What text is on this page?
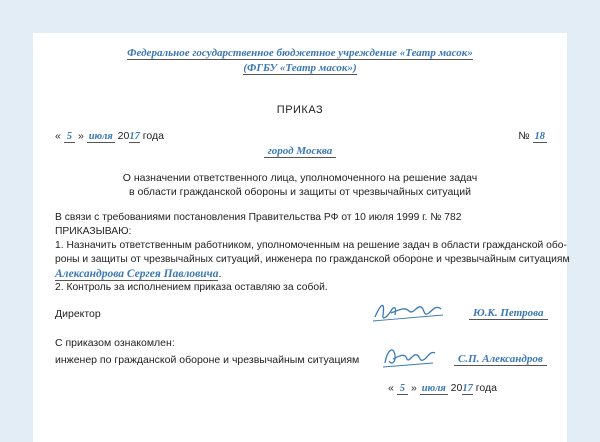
Федеральное государственное бюджетное учреждение «Театр масок»
(ФГБУ «Театр масок»)
ПРИКАЗ
« 5 » июля 2017 года	№ 18
город Москва
О назначении ответственного лица, уполномоченного на решение задач
в области гражданской обороны и защиты от чрезвычайных ситуаций
В связи с требованиями постановления Правительства РФ от 10 июля 1999 г. № 782
ПРИКАЗЫВАЮ:
1. Назначить ответственным работником, уполномоченным на решение задач в области гражданской обо-
роны и защиты от чрезвычайных ситуаций, инженера по гражданской обороне и чрезвычайным ситуациям
Александрова Сергея Павловича.
2. Контроль за исполнением приказа оставляю за собой.
Директор	Ю.К. Петрова
С приказом ознакомлен:
инженер по гражданской обороне и чрезвычайным ситуациям	С.П. Александров
« 5 » июля 2017 года
